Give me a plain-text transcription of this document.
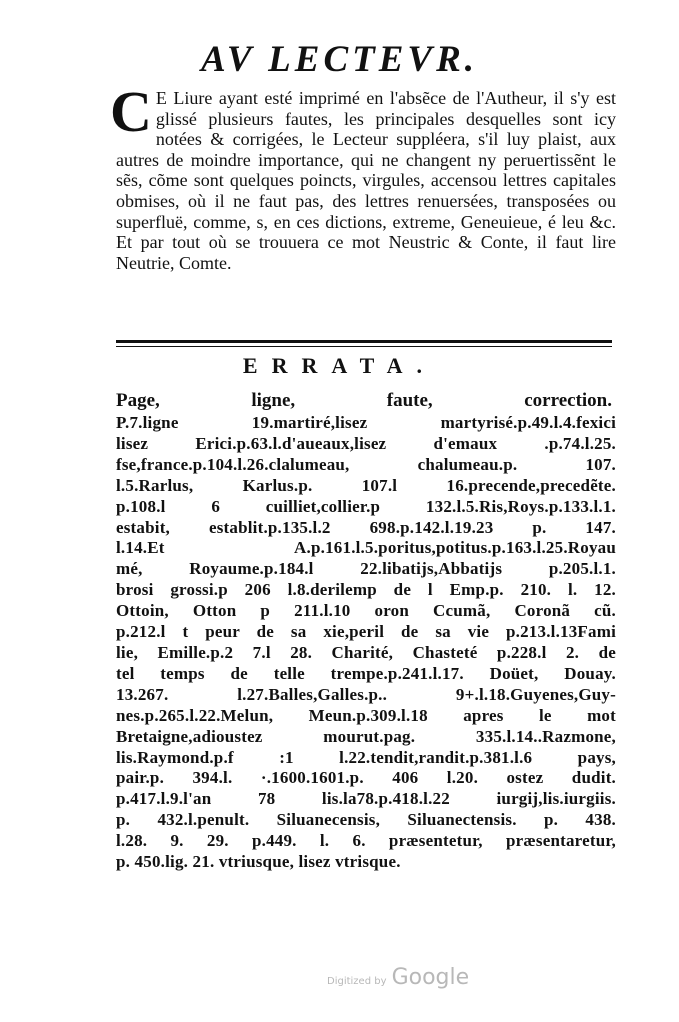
AV LECTEVR.

C E Liure ayant esté imprimé en l'absẽce de l'Autheur, il s'y est glissé plusieurs fautes, les principales desquelles sont icy notées & corrigées, le Lecteur suppléera, s'il luy plaist, aux autres de moindre importance, qui ne changent ny peruertissẽnt le sẽs, cõme sont quelques poincts, virgules, accensou lettres capitales obmises, où il ne faut pas, des lettres renuersées, transposées ou superfluë, comme, s, en ces dictions, extreme, Geneuieue, é leu &c. Et par tout où se trouuera ce mot Neustric & Conte, il faut lire Neutrie, Comte.

ERRATA.
Page,	ligne,	faute,	correction.
P.7.ligne 19.martiré,lisez martyrisé.p.49.l.4.fexici
lisez Erici.p.63.l.d'aueaux,lisez d'emaux .p.74.l.25.
fse,france.p.104.l.26.clalumeau, chalumeau.p. 107.
l.5.Rarlus, Karlus.p. 107.l 16.precende,precedẽte.
p.108.l 6 cuilliet,collier.p 132.l.5.Ris,Roys.p.133.l.1.
estabit, establit.p.135.l.2 698.p.142.l.19.23 p. 147.
l.14.Et A.p.161.l.5.poritus,potitus.p.163.l.25.Royau
mé, Royaume.p.184.l 22.libatijs,Abbatijs p.205.l.1.
brosi grossi.p 206 l.8.derilemp de l Emp.p. 210. l. 12.
Ottoin, Otton p 211.l.10 oron Ccumã, Coronã cũ.
p.212.l t peur de sa xie,peril de sa vie p.213.l.13Fami
lie, Emille.p.2 7.l 28. Charité, Chasteté p.228.l 2. de
tel temps de telle trempe.p.241.l.17. Doüet, Douay.
13.267. l.27.Balles,Galles.p.. 9+.l.18.Guyenes,Guy-
nes.p.265.l.22.Melun, Meun.p.309.l.18 apres le mot
Bretaigne,adioustez mourut.pag. 335.l.14..Razmone,
lis.Raymond.p.f :1 l.22.tendit,randit.p.381.l.6 pays,
pair.p. 394.l. ·.1600.1601.p. 406 l.20. ostez dudit.
p.417.l.9.l'an 78 lis.la78.p.418.l.22 iurgij,lis.iurgiis.
p. 432.l.penult. Siluanecensis, Siluanectensis. p. 438.
l.28. 9. 29. p.449. l. 6. præsentetur, præsentaretur,
p. 450.lig. 21. vtriusque, lisez vtrisque.
Digitized by Google
